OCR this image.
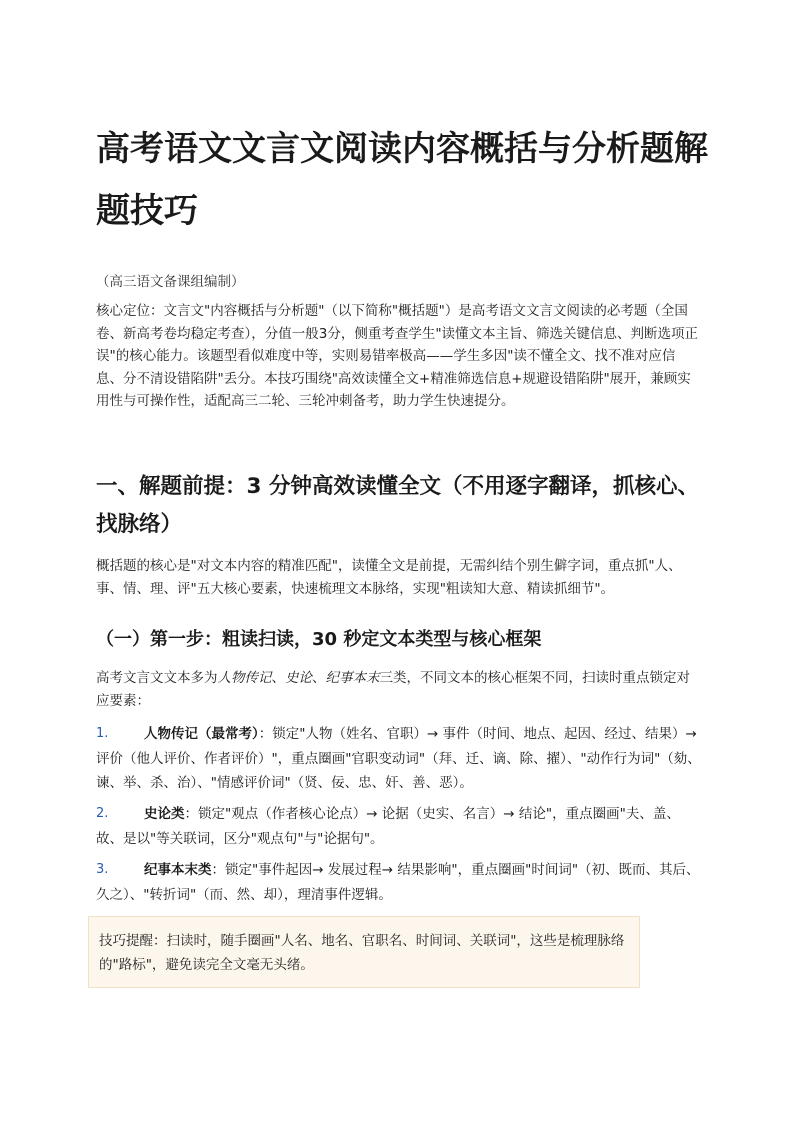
高考语文文言文阅读内容概括与分析题解题技巧

（高三语文备课组编制）

核心定位：文言文"内容概括与分析题"（以下简称"概括题"）是高考语文文言文阅读的必考题（全国卷、新高考卷均稳定考查），分值一般3分，侧重考查学生"读懂文本主旨、筛选关键信息、判断选项正误"的核心能力。该题型看似难度中等，实则易错率极高——学生多因"读不懂全文、找不准对应信息、分不清设错陷阱"丢分。本技巧围绕"高效读懂全文+精准筛选信息+规避设错陷阱"展开，兼顾实用性与可操作性，适配高三二轮、三轮冲刺备考，助力学生快速提分。

一、解题前提：3 分钟高效读懂全文（不用逐字翻译，抓核心、找脉络）

概括题的核心是"对文本内容的精准匹配"，读懂全文是前提，无需纠结个别生僻字词，重点抓"人、事、情、理、评"五大核心要素，快速梳理文本脉络，实现"粗读知大意、精读抓细节"。

（一）第一步：粗读扫读，30 秒定文本类型与核心框架

高考文言文文本多为人物传记、史论、纪事本末三类，不同文本的核心框架不同，扫读时重点锁定对应要素：

1.	人物传记（最常考）：锁定"人物（姓名、官职）→ 事件（时间、地点、起因、经过、结果）→ 评价（他人评价、作者评价）"，重点圈画"官职变动词"（拜、迁、谪、除、擢）、"动作行为词"（劾、谏、举、杀、治）、"情感评价词"（贤、佞、忠、奸、善、恶）。
2.	史论类：锁定"观点（作者核心论点）→ 论据（史实、名言）→ 结论"，重点圈画"夫、盖、故、是以"等关联词，区分"观点句"与"论据句"。
3.	纪事本末类：锁定"事件起因→ 发展过程→ 结果影响"，重点圈画"时间词"（初、既而、其后、久之）、"转折词"（而、然、却），理清事件逻辑。
技巧提醒：扫读时，随手圈画"人名、地名、官职名、时间词、关联词"，这些是梳理脉络的"路标"，避免读完全文毫无头绪。
